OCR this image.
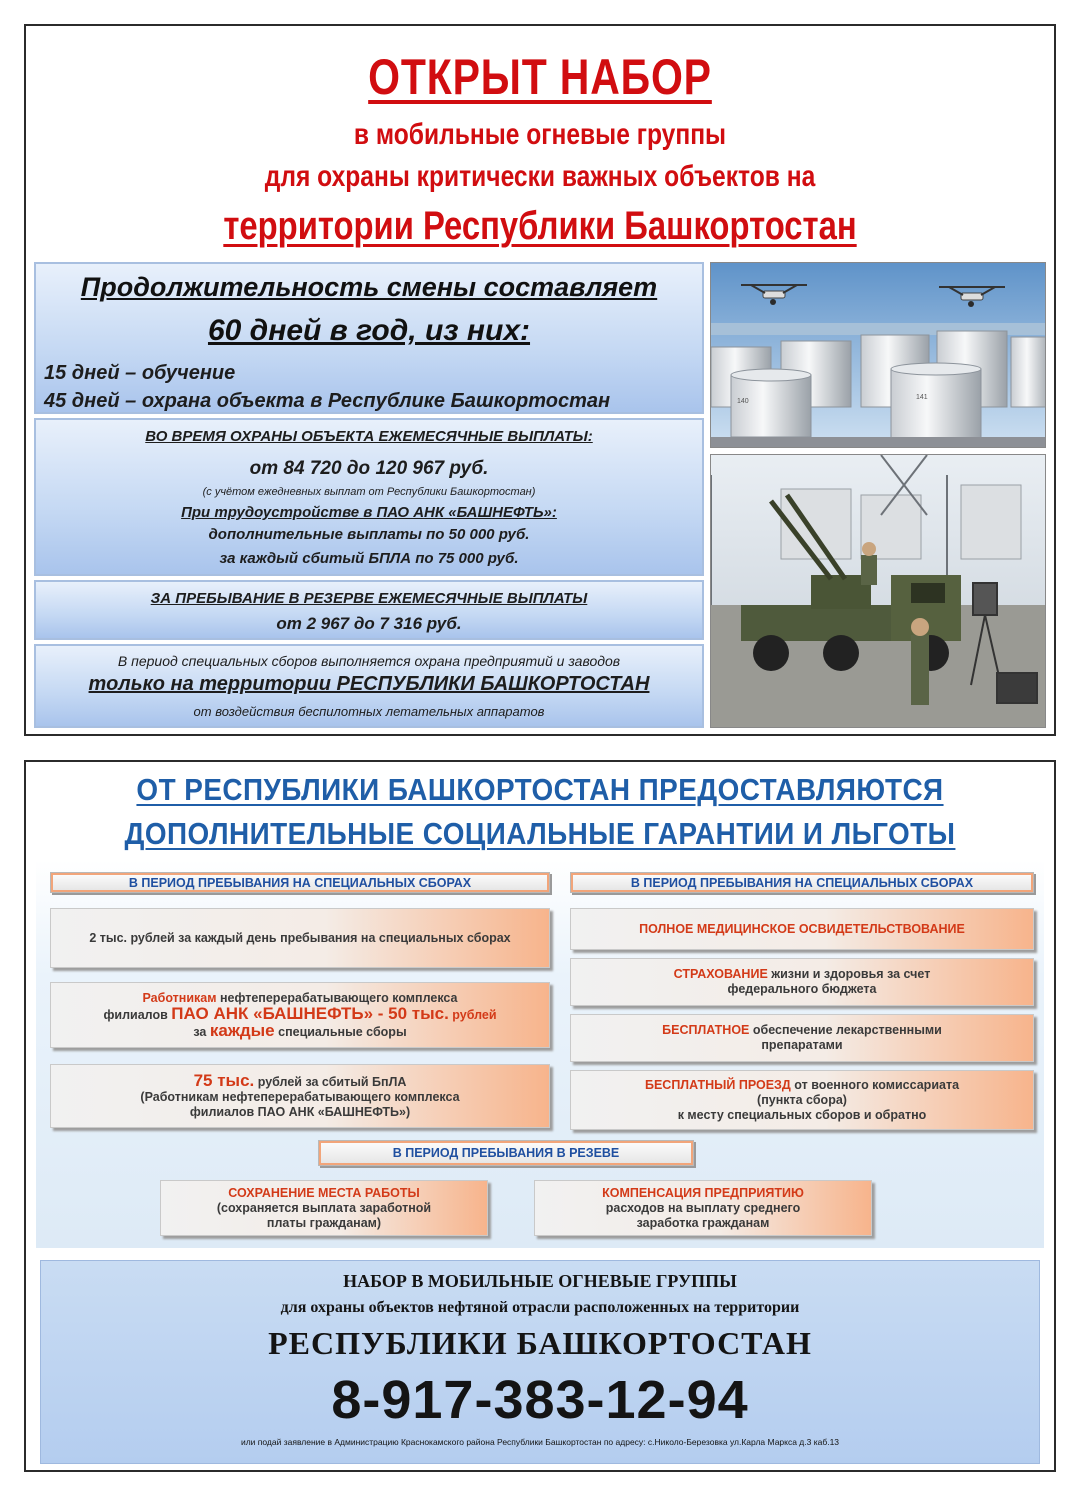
ОТКРЫТ НАБОР
в мобильные огневые группы
для охраны критически важных объектов на
территории Республики Башкортостан
Продолжительность смены составляет
60 дней в год, из них:
15 дней – обучение
45 дней – охрана объекта в Республике Башкортостан
ВО ВРЕМЯ ОХРАНЫ ОБЪЕКТА ЕЖЕМЕСЯЧНЫЕ ВЫПЛАТЫ:
от 84 720 до 120 967 руб.
(с учётом ежедневных выплат от Республики Башкортостан)
При трудоустройстве в ПАО АНК «БАШНЕФТЬ»:
дополнительные выплаты по 50 000 руб.
за каждый сбитый БПЛА по 75 000 руб.
ЗА ПРЕБЫВАНИЕ В РЕЗЕРВЕ ЕЖЕМЕСЯЧНЫЕ ВЫПЛАТЫ
от 2 967 до 7 316 руб.
В период специальных сборов выполняется охрана предприятий и заводов
только на территории РЕСПУБЛИКИ БАШКОРТОСТАН
от воздействия беспилотных летательных аппаратов
140
141
ОТ РЕСПУБЛИКИ БАШКОРТОСТАН ПРЕДОСТАВЛЯЮТСЯ
ДОПОЛНИТЕЛЬНЫЕ СОЦИАЛЬНЫЕ ГАРАНТИИ И ЛЬГОТЫ
В ПЕРИОД ПРЕБЫВАНИЯ НА СПЕЦИАЛЬНЫХ СБОРАХ	В ПЕРИОД ПРЕБЫВАНИЯ НА СПЕЦИАЛЬНЫХ СБОРАХ
2 тыс. рублей за каждый день пребывания на специальных сборах
Работникам нефтеперерабатывающего комплекса
филиалов ПАО АНК «БАШНЕФТЬ» - 50 тыс. рублей
за каждые специальные сборы
75 тыс. рублей за сбитый БпЛА
(Работникам нефтеперерабатывающего комплекса
филиалов ПАО АНК «БАШНЕФТЬ»)
ПОЛНОЕ МЕДИЦИНСКОЕ ОСВИДЕТЕЛЬСТВОВАНИЕ
СТРАХОВАНИЕ жизни и здоровья за счет
федерального бюджета
БЕСПЛАТНОЕ обеспечение лекарственными
препаратами
БЕСПЛАТНЫЙ ПРОЕЗД от военного комиссариата
(пункта сбора)
к месту специальных сборов и обратно
В ПЕРИОД ПРЕБЫВАНИЯ В РЕЗЕВЕ
СОХРАНЕНИЕ МЕСТА РАБОТЫ
(сохраняется выплата заработной
платы гражданам)
КОМПЕНСАЦИЯ ПРЕДПРИЯТИЮ
расходов на выплату среднего
заработка гражданам
НАБОР В МОБИЛЬНЫЕ ОГНЕВЫЕ ГРУППЫ
для охраны объектов нефтяной отрасли расположенных на территории
РЕСПУБЛИКИ БАШКОРТОСТАН
8-917-383-12-94
или подай заявление в Администрацию Краснокамского района Республики Башкортостан по адресу: с.Николо-Березовка ул.Карла Маркса д.3 каб.13
